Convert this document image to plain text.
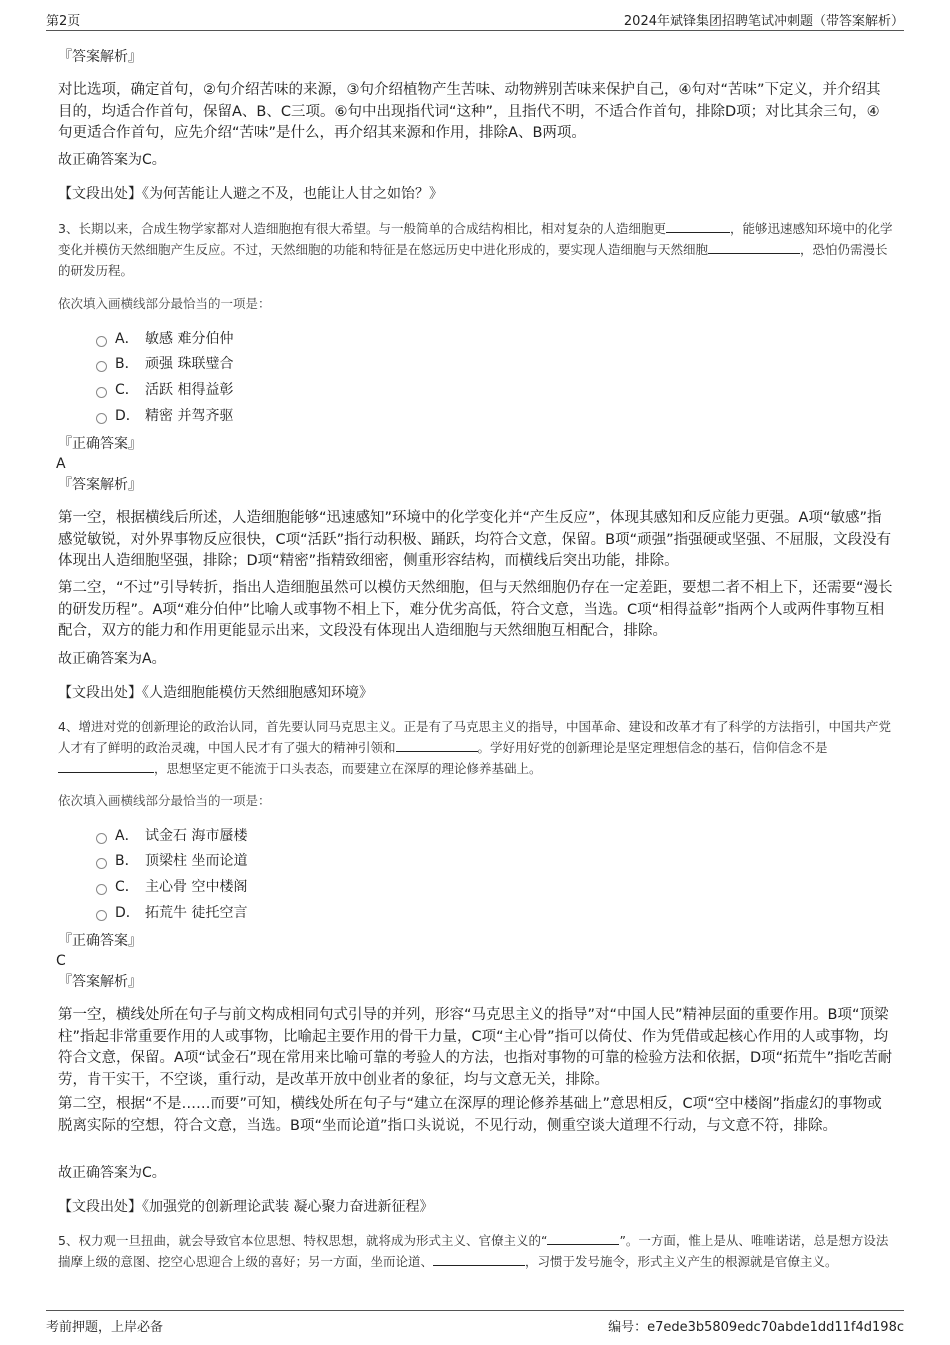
第2页	2024年斌锋集团招聘笔试冲刺题（带答案解析）
『答案解析』
对比选项，确定首句，②句介绍苦味的来源，③句介绍植物产生苦味、动物辨别苦味来保护自己，④句对“苦味”下定义，并介绍其目的，均适合作首句，保留A、B、C三项。⑥句中出现指代词“这种”，且指代不明，不适合作首句，排除D项；对比其余三句，④句更适合作首句，应先介绍“苦味”是什么，再介绍其来源和作用，排除A、B两项。
故正确答案为C。
【文段出处】《为何苦能让人避之不及，也能让人甘之如饴？》
3、长期以来，合成生物学家都对人造细胞抱有很大希望。与一般简单的合成结构相比，相对复杂的人造细胞更	，能够迅速感知环境中的化学变化并模仿天然细胞产生反应。不过，天然细胞的功能和特征是在悠远历史中进化形成的，要实现人造细胞与天然细胞	，恐怕仍需漫长的研发历程。
依次填入画横线部分最恰当的一项是：
A． 敏感 难分伯仲
B． 顽强 珠联璧合
C． 活跃 相得益彰
D． 精密 并驾齐驱
『正确答案』
A
『答案解析』
第一空，根据横线后所述，人造细胞能够“迅速感知”环境中的化学变化并“产生反应”，体现其感知和反应能力更强。A项“敏感”指感觉敏锐，对外界事物反应很快，C项“活跃”指行动积极、踊跃，均符合文意，保留。B项“顽强”指强硬或坚强、不屈服，文段没有体现出人造细胞坚强，排除；D项“精密”指精致细密，侧重形容结构，而横线后突出功能，排除。
第二空，“不过”引导转折，指出人造细胞虽然可以模仿天然细胞，但与天然细胞仍存在一定差距，要想二者不相上下，还需要“漫长的研发历程”。A项“难分伯仲”比喻人或事物不相上下，难分优劣高低，符合文意，当选。C项“相得益彰”指两个人或两件事物互相配合，双方的能力和作用更能显示出来，文段没有体现出人造细胞与天然细胞互相配合，排除。
故正确答案为A。
【文段出处】《人造细胞能模仿天然细胞感知环境》
4、增进对党的创新理论的政治认同，首先要认同马克思主义。正是有了马克思主义的指导，中国革命、建设和改革才有了科学的方法指引，中国共产党人才有了鲜明的政治灵魂，中国人民才有了强大的精神引领和	。学好用好党的创新理论是坚定理想信念的基石，信仰信念不是，思想坚定更不能流于口头表态，而要建立在深厚的理论修养基础上。
依次填入画横线部分最恰当的一项是：
A． 试金石 海市蜃楼
B． 顶梁柱 坐而论道
C． 主心骨 空中楼阁
D． 拓荒牛 徒托空言
『正确答案』
C
『答案解析』
第一空，横线处所在句子与前文构成相同句式引导的并列，形容“马克思主义的指导”对“中国人民”精神层面的重要作用。B项“顶梁柱”指起非常重要作用的人或事物，比喻起主要作用的骨干力量，C项“主心骨”指可以倚仗、作为凭借或起核心作用的人或事物，均符合文意，保留。A项“试金石”现在常用来比喻可靠的考验人的方法，也指对事物的可靠的检验方法和依据，D项“拓荒牛”指吃苦耐劳，肯干实干，不空谈，重行动，是改革开放中创业者的象征，均与文意无关，排除。
第二空，根据“不是……而要”可知，横线处所在句子与“建立在深厚的理论修养基础上”意思相反，C项“空中楼阁”指虚幻的事物或脱离实际的空想，符合文意，当选。B项“坐而论道”指口头说说，不见行动，侧重空谈大道理不行动，与文意不符，排除。
故正确答案为C。
【文段出处】《加强党的创新理论武装 凝心聚力奋进新征程》
5、权力观一旦扭曲，就会导致官本位思想、特权思想，就将成为形式主义、官僚主义的“	”。一方面，惟上是从、唯唯诺诺，总是想方设法揣摩上级的意图、挖空心思迎合上级的喜好；另一方面，坐而论道、	，习惯于发号施令，形式主义产生的根源就是官僚主义。
考前押题，上岸必备	编号：e7ede3b5809edc70abde1dd11f4d198c
